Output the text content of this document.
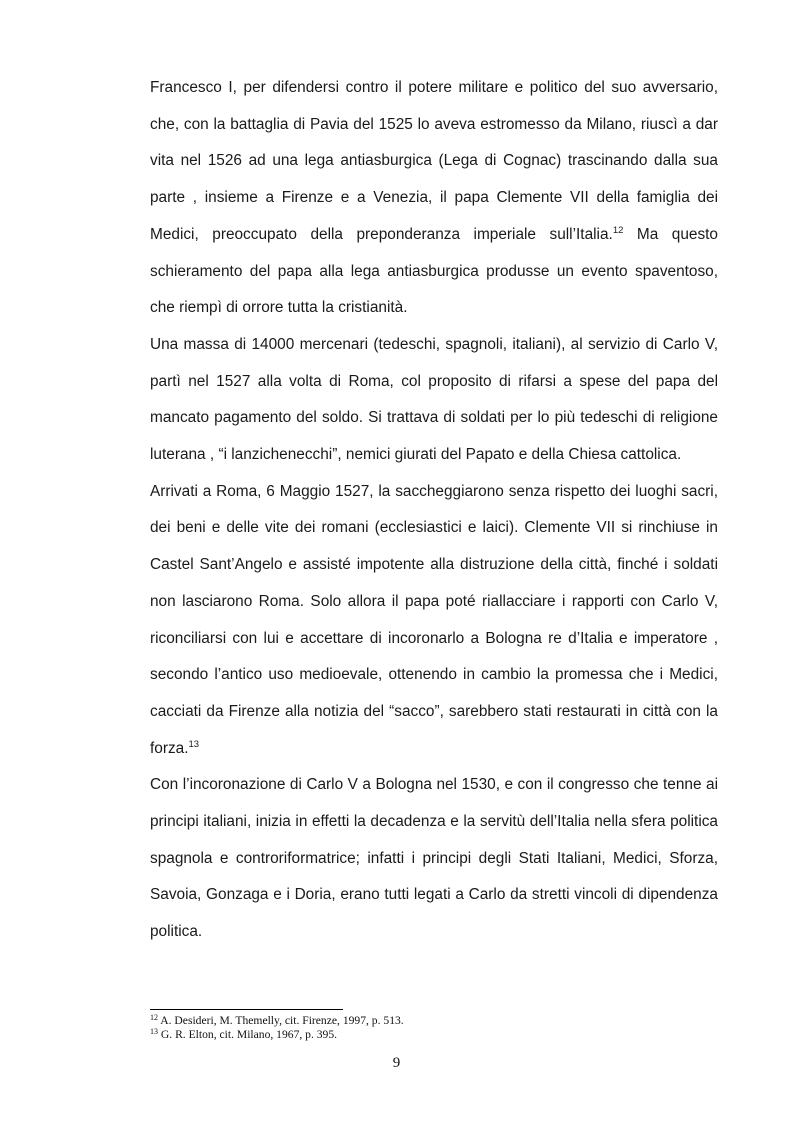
Francesco I, per difendersi contro il potere militare e politico del suo avversario, che, con la battaglia di Pavia del 1525 lo aveva estromesso da Milano, riuscì a dar vita nel 1526 ad una lega antiasburgica (Lega di Cognac) trascinando dalla sua parte , insieme a Firenze e a Venezia, il papa Clemente VII della famiglia dei Medici, preoccupato della preponderanza imperiale sull’Italia.$^{12}$ Ma questo schieramento del papa alla lega antiasburgica produsse un evento spaventoso, che riempì di orrore tutta la cristianità.

Una massa di 14000 mercenari (tedeschi, spagnoli, italiani), al servizio di Carlo V, partì nel 1527 alla volta di Roma, col proposito di rifarsi a spese del papa del mancato pagamento del soldo. Si trattava di soldati per lo più tedeschi di religione luterana , “i lanzichenecchi”, nemici giurati del Papato e della Chiesa cattolica.

Arrivati a Roma, 6 Maggio 1527, la saccheggiarono senza rispetto dei luoghi sacri, dei beni e delle vite dei romani (ecclesiastici e laici). Clemente VII si rinchiuse in Castel Sant’Angelo e assisté impotente alla distruzione della città, finché i soldati non lasciarono Roma. Solo allora il papa poté riallacciare i rapporti con Carlo V, riconciliarsi con lui e accettare di incoronarlo a Bologna re d’Italia e imperatore , secondo l’antico uso medioevale, ottenendo in cambio la promessa che i Medici, cacciati da Firenze alla notizia del “sacco”, sarebbero stati restaurati in città con la forza.$^{13}$

Con l’incoronazione di Carlo V a Bologna nel 1530, e con il congresso che tenne ai principi italiani, inizia in effetti la decadenza e la servitù dell’Italia nella sfera politica spagnola e controriformatrice; infatti i principi degli Stati Italiani, Medici, Sforza, Savoia, Gonzaga e i Doria, erano tutti legati a Carlo da stretti vincoli di dipendenza politica.

$^{12}$ A. Desideri, M. Themelly, cit. Firenze, 1997, p. 513.
$^{13}$ G. R. Elton, cit. Milano, 1967, p. 395.
9
